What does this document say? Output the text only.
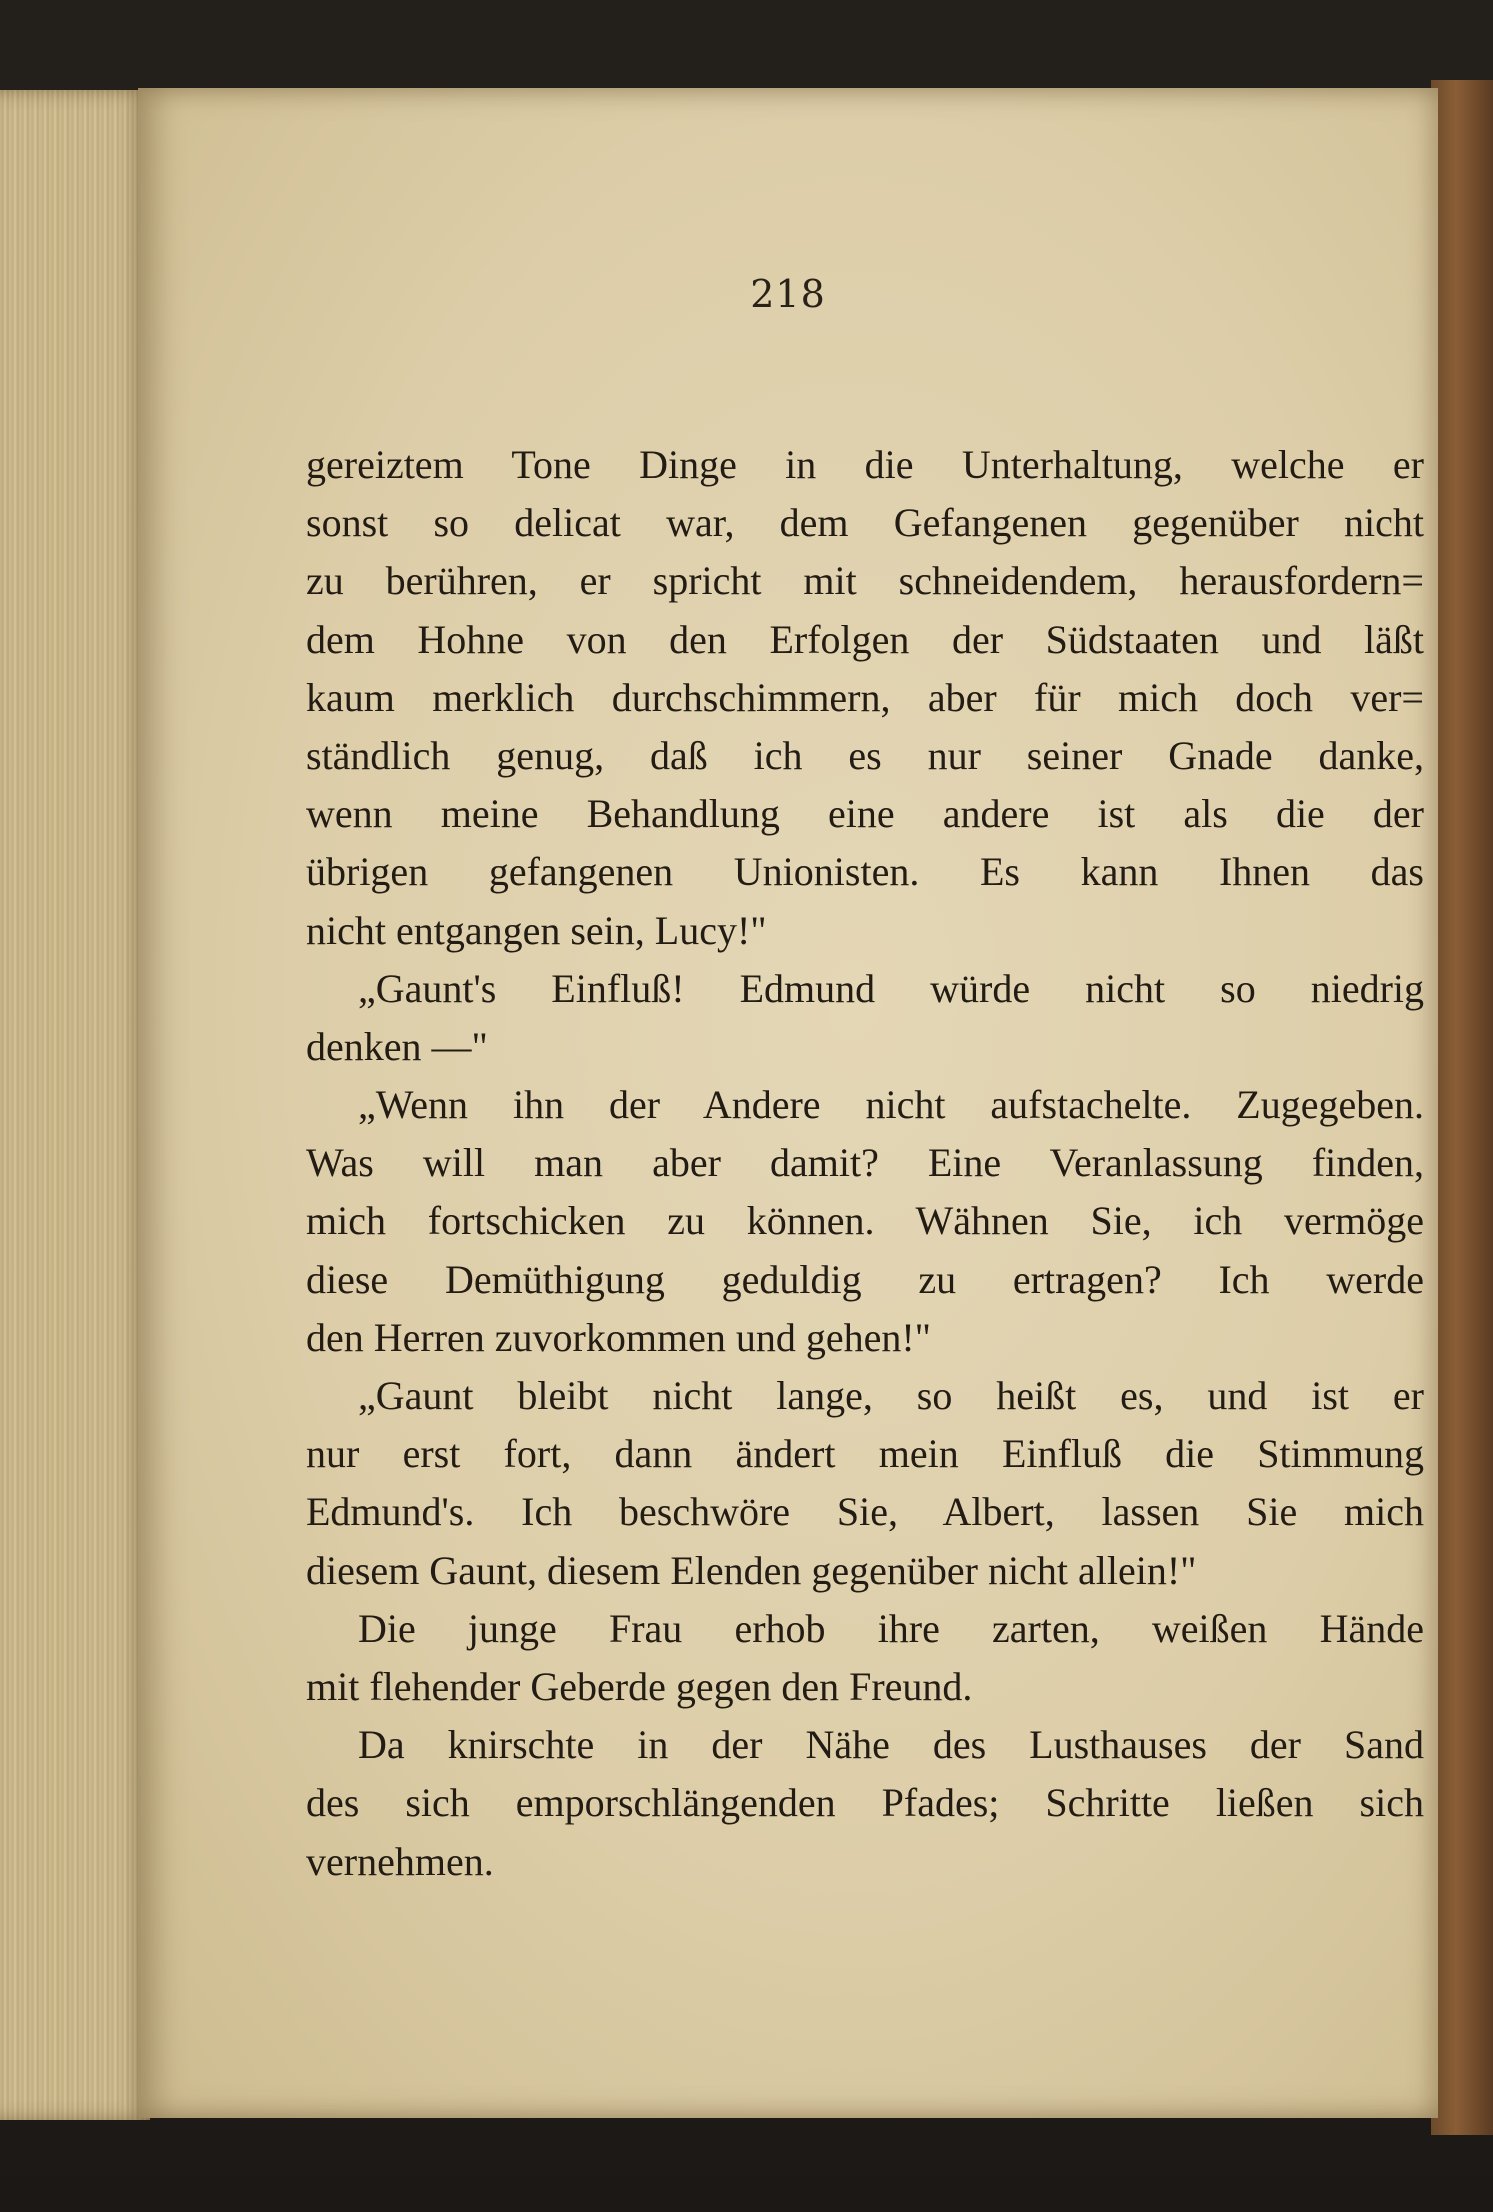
218
gereiztem Tone Dinge in die Unterhaltung, welche er
sonst so delicat war, dem Gefangenen gegenüber nicht
zu berühren, er spricht mit schneidendem, herausfordern=
dem Hohne von den Erfolgen der Südstaaten und läßt
kaum merklich durchschimmern, aber für mich doch ver=
ständlich genug, daß ich es nur seiner Gnade danke,
wenn meine Behandlung eine andere ist als die der
übrigen gefangenen Unionisten. Es kann Ihnen das
nicht entgangen sein, Lucy!"
„Gaunt's Einfluß! Edmund würde nicht so niedrig
denken —"
„Wenn ihn der Andere nicht aufstachelte. Zugegeben.
Was will man aber damit? Eine Veranlassung finden,
mich fortschicken zu können. Wähnen Sie, ich vermöge
diese Demüthigung geduldig zu ertragen? Ich werde
den Herren zuvorkommen und gehen!"
„Gaunt bleibt nicht lange, so heißt es, und ist er
nur erst fort, dann ändert mein Einfluß die Stimmung
Edmund's. Ich beschwöre Sie, Albert, lassen Sie mich
diesem Gaunt, diesem Elenden gegenüber nicht allein!"
Die junge Frau erhob ihre zarten, weißen Hände
mit flehender Geberde gegen den Freund.
Da knirschte in der Nähe des Lusthauses der Sand
des sich emporschlängenden Pfades; Schritte ließen sich
vernehmen.
